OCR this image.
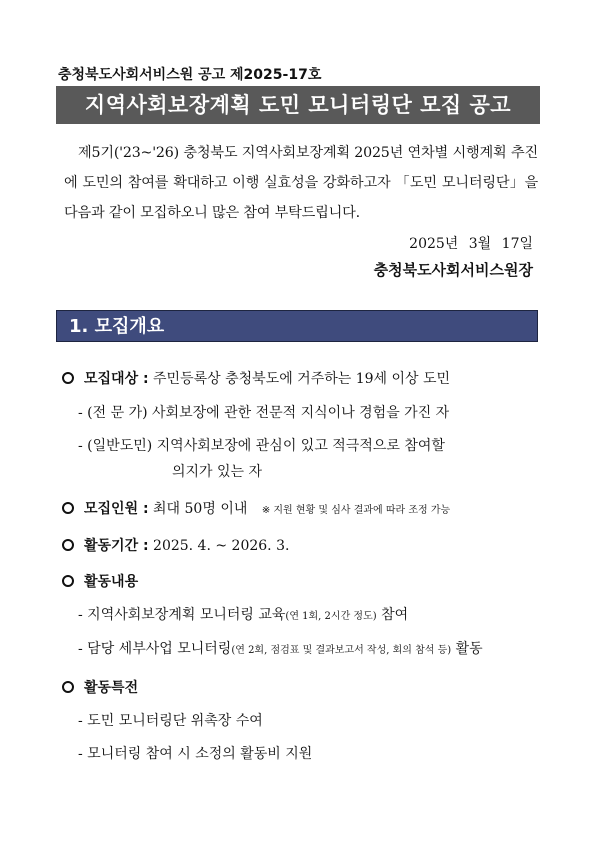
충청북도사회서비스원 공고 제2025-17호
지역사회보장계획 도민 모니터링단 모집 공고
제5기('23~'26) 충청북도 지역사회보장계획 2025년 연차별 시행계획 추진에 도민의 참여를 확대하고 이행 실효성을 강화하고자 「도민 모니터링단」을 다음과 같이 모집하오니 많은 참여 부탁드립니다.
2025년 3월 17일
충청북도사회서비스원장
1. 모집개요
모집대상 : 주민등록상 충청북도에 거주하는 19세 이상 도민
- (전 문 가) 사회보장에 관한 전문적 지식이나 경험을 가진 자
- (일반도민) 지역사회보장에 관심이 있고 적극적으로 참여할
의지가 있는 자
모집인원 : 최대 50명 이내 ※ 지원 현황 및 심사 결과에 따라 조정 가능
활동기간 : 2025. 4. ~ 2026. 3.
활동내용
- 지역사회보장계획 모니터링 교육(연 1회, 2시간 정도) 참여
- 담당 세부사업 모니터링(연 2회, 점검표 및 결과보고서 작성, 회의 참석 등) 활동
활동특전
- 도민 모니터링단 위촉장 수여
- 모니터링 참여 시 소정의 활동비 지원
